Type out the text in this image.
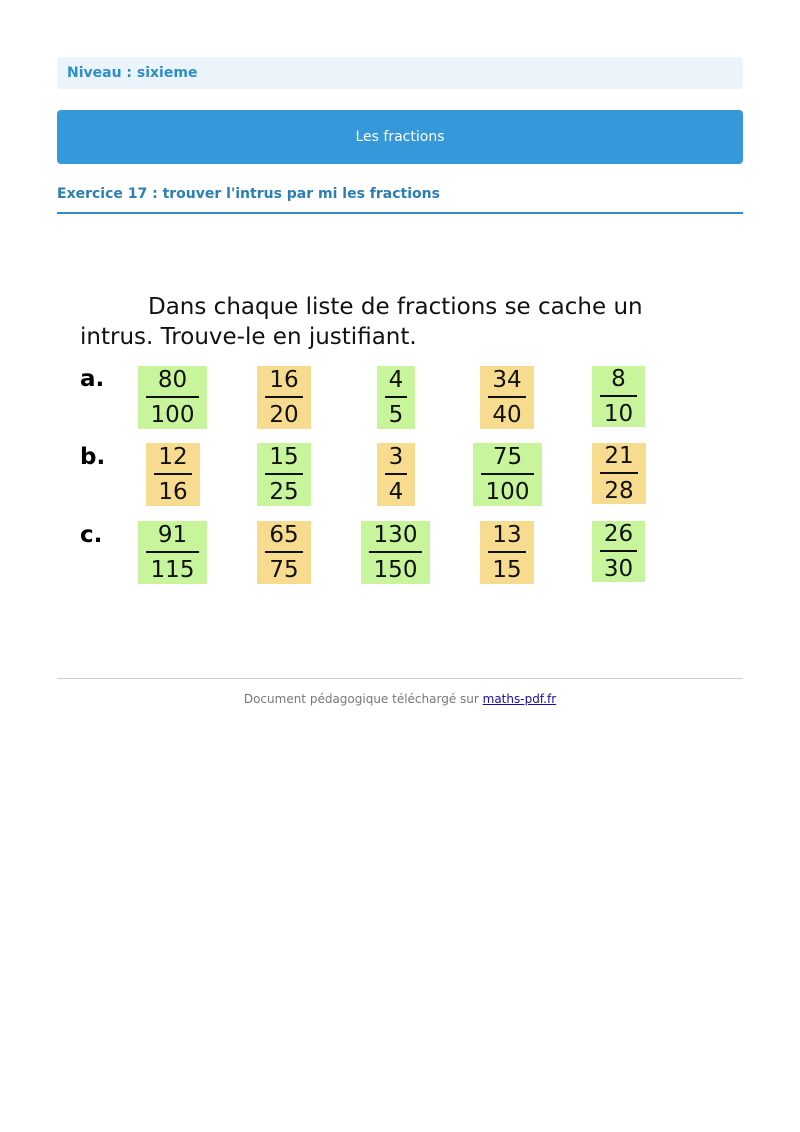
Niveau : sixieme
Les fractions
Exercice 17 : trouver l'intrus par mi les fractions

Dans chaque liste de fractions se cache un intrus. Trouve-le en justifiant.

a. 80
100
16
20
4
5
34
40
8
10
b. 12
16
15
25
3
4
75
100
21
28
c. 91
115
65
75
130
150
13
15
26
30
Document pédagogique téléchargé sur maths-pdf.fr
